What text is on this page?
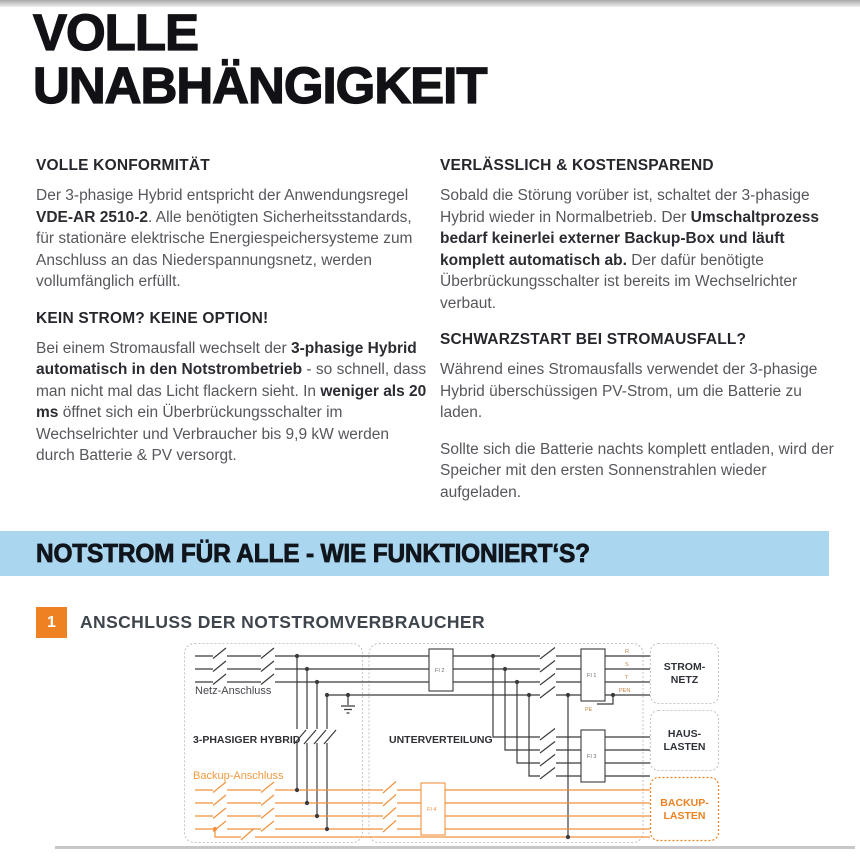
VOLLE
UNABHÄNGIGKEIT
VOLLE KONFORMITÄT

Der 3-phasige Hybrid entspricht der Anwendungsregel VDE-AR 2510-2. Alle benötigten Sicherheitsstandards, für stationäre elektrische Energiespeichersysteme zum Anschluss an das Niederspannungsnetz, werden vollumfänglich erfüllt.

KEIN STROM? KEINE OPTION!

Bei einem Stromausfall wechselt der 3-phasige Hybrid automatisch in den Notstrombetrieb - so schnell, dass man nicht mal das Licht flackern sieht. In weniger als 20 ms öffnet sich ein Überbrückungsschalter im Wechselrichter und Verbraucher bis 9,9 kW werden durch Batterie & PV versorgt.

VERLÄSSLICH & KOSTENSPAREND

Sobald die Störung vorüber ist, schaltet der 3-phasige Hybrid wieder in Normalbetrieb. Der Umschaltprozess bedarf keinerlei externer Backup-Box und läuft komplett automatisch ab. Der dafür benötigte Überbrückungsschalter ist bereits im Wechselrichter verbaut.

SCHWARZSTART BEI STROMAUSFALL?

Während eines Stromausfalls verwendet der 3-phasige Hybrid überschüssigen PV-Strom, um die Batterie zu laden.

Sollte sich die Batterie nachts komplett entladen, wird der Speicher mit den ersten Sonnenstrahlen wieder aufgeladen.

NOTSTROM FÜR ALLE - WIE FUNKTIONIERT‘S?
1	ANSCHLUSS DER NOTSTROMVERBRAUCHER
FI 2
FI 1
FI 3
FI 4
R
S
T
PEN
PE
Netz-Anschluss
3-PHASIGER HYBRID	UNTERVERTEILUNG
Backup-Anschluss
STROM-
NETZ
HAUS-
LASTEN
BACKUP-
LASTEN
